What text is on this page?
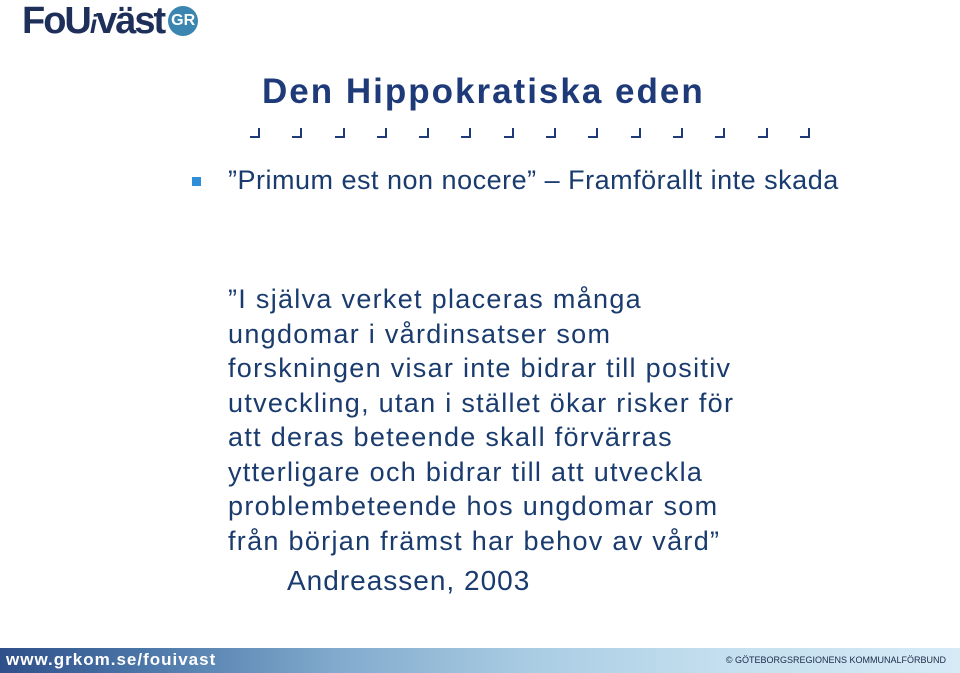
FoUiväst GR
Den Hippokratiska eden
”Primum est non nocere” – Framförallt inte skada
”I själva verket placeras många
ungdomar i vårdinsatser som
forskningen visar inte bidrar till positiv
utveckling, utan i stället ökar risker för
att deras beteende skall förvärras
ytterligare och bidrar till att utveckla
problembeteende hos ungdomar som
från början främst har behov av vård”
Andreassen, 2003
www.grkom.se/fouivast	© GÖTEBORGSREGIONENS KOMMUNALFÖRBUND
